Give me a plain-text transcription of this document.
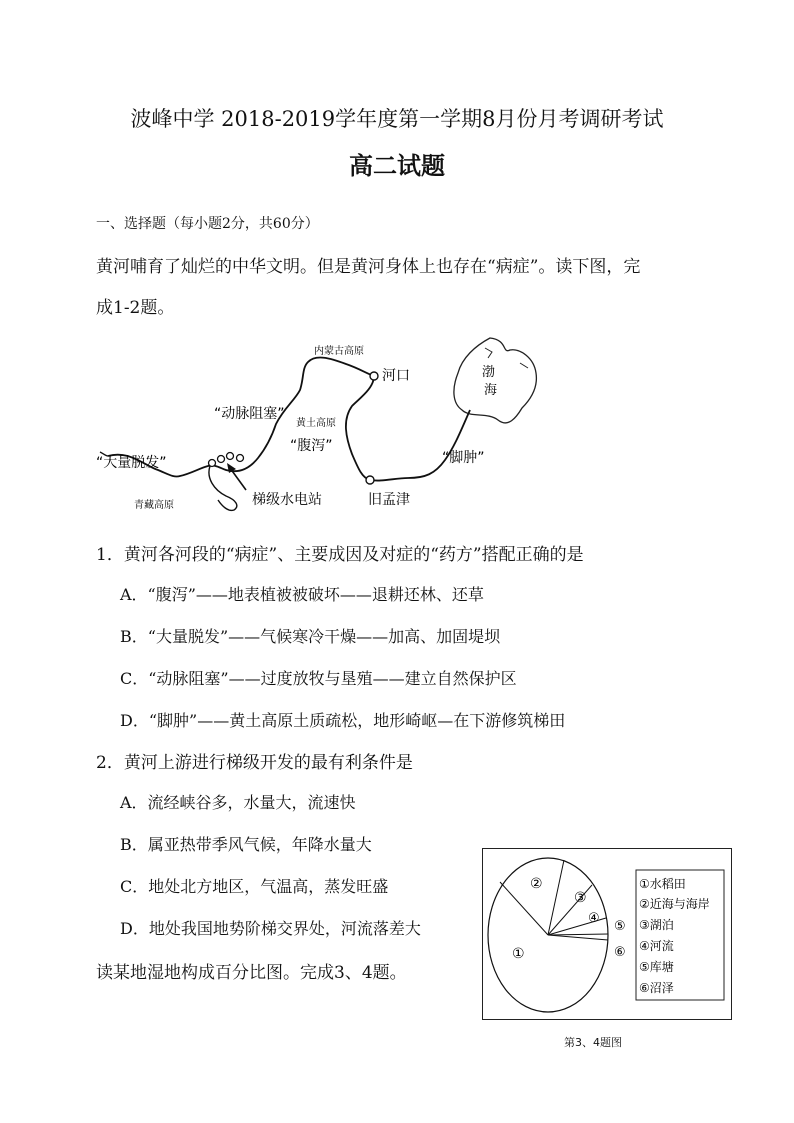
波峰中学 2018-2019学年度第一学期8月份月考调研考试
高二试题
一、选择题（每小题2分，共60分）
黄河哺育了灿烂的中华文明。但是黄河身体上也存在“病症”。读下图，完
成1-2题。
内蒙古高原
河口	渤
海
“动脉阻塞”
黄土高原
“腹泻”
“大量脱发”	“脚肿”
青藏高原	梯级水电站	旧孟津
1．黄河各河段的“病症”、主要成因及对症的“药方”搭配正确的是
A．“腹泻”——地表植被被破坏——退耕还林、还草
B．“大量脱发”——气候寒冷干燥——加高、加固堤坝
C．“动脉阻塞”——过度放牧与垦殖——建立自然保护区
D．“脚肿”——黄土高原土质疏松，地形崎岖—在下游修筑梯田
2．黄河上游进行梯级开发的最有利条件是
A．流经峡谷多，水量大，流速快
B．属亚热带季风气候，年降水量大
C．地处北方地区，气温高，蒸发旺盛
D．地处我国地势阶梯交界处，河流落差大
读某地湿地构成百分比图。完成3、4题。
①
②
③
④
⑤
⑥
①水稻田
②近海与海岸
③湖泊
④河流
⑤库塘
⑥沼泽
第3、4题图
